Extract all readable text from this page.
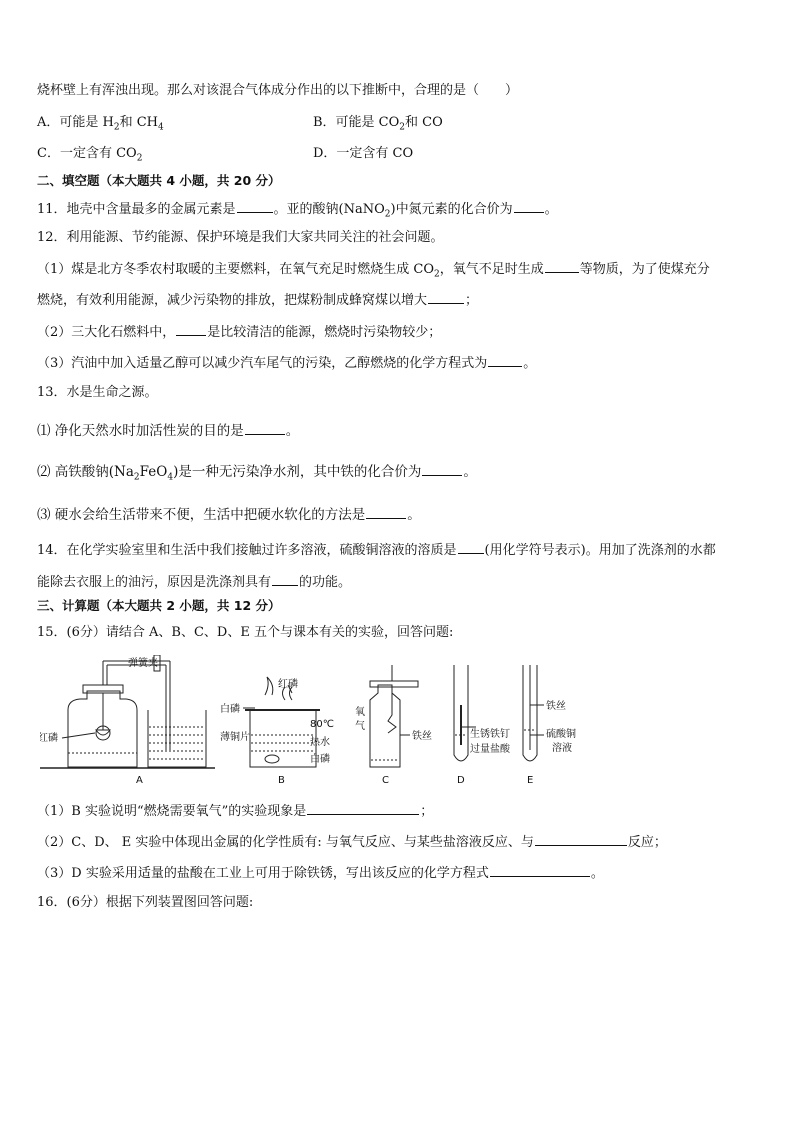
烧杯壁上有浑浊出现。那么对该混合气体成分作出的以下推断中，合理的是（　　）
A．可能是 $H_2$和 $CH_4$	B．可能是 $CO_2$和 CO
C．一定含有 $CO_2$	D．一定含有 CO
二、填空题（本大题共 4 小题，共 20 分）
11．地壳中含量最多的金属元素是	。亚的酸钠(NaNO$_2$)中氮元素的化合价为 。
12．利用能源、节约能源、保护环境是我们大家共同关注的社会问题。
（1）煤是北方冬季农村取暖的主要燃料，在氧气充足时燃烧生成 $CO_2$，氧气不足时生成	等物质，为了使煤充分
燃烧，有效利用能源，减少污染物的排放，把煤粉制成蜂窝煤以增大	；
（2）三大化石燃料中， 是比较清洁的能源，燃烧时污染物较少；
（3）汽油中加入适量乙醇可以减少汽车尾气的污染，乙醇燃烧的化学方程式为	。
13．水是生命之源。
⑴ 净化天然水时加活性炭的目的是	。
⑵ 高铁酸钠$(Na_2FeO_4)$是一种无污染净水剂，其中铁的化合价为	。
⑶ 硬水会给生活带来不便，生活中把硬水软化的方法是	。
14．在化学实验室里和生活中我们接触过许多溶液，硫酸铜溶液的溶质是 (用化学符号表示)。用加了洗涤剂的水都
能除去衣服上的油污，原因是洗涤剂具有 的功能。
三、计算题（本大题共 2 小题，共 12 分）
15．(6分）请结合 A、B、C、D、E 五个与课本有关的实验，回答问题:
弹簧夹
红磷
A
白磷
红磷
80℃
薄铜片	热水
白磷
B
氧
气
铁丝
C
生锈铁钉
过量盐酸
D
铁丝
硫酸铜
溶液
E
（1）B 实验说明“燃烧需要氧气”的实验现象是	；
（2）C、D、 E 实验中体现出金属的化学性质有: 与氧气反应、与某些盐溶液反应、与	反应；
（3）D 实验采用适量的盐酸在工业上可用于除铁锈，写出该反应的化学方程式	。
16．(6分）根据下列装置图回答问题:
